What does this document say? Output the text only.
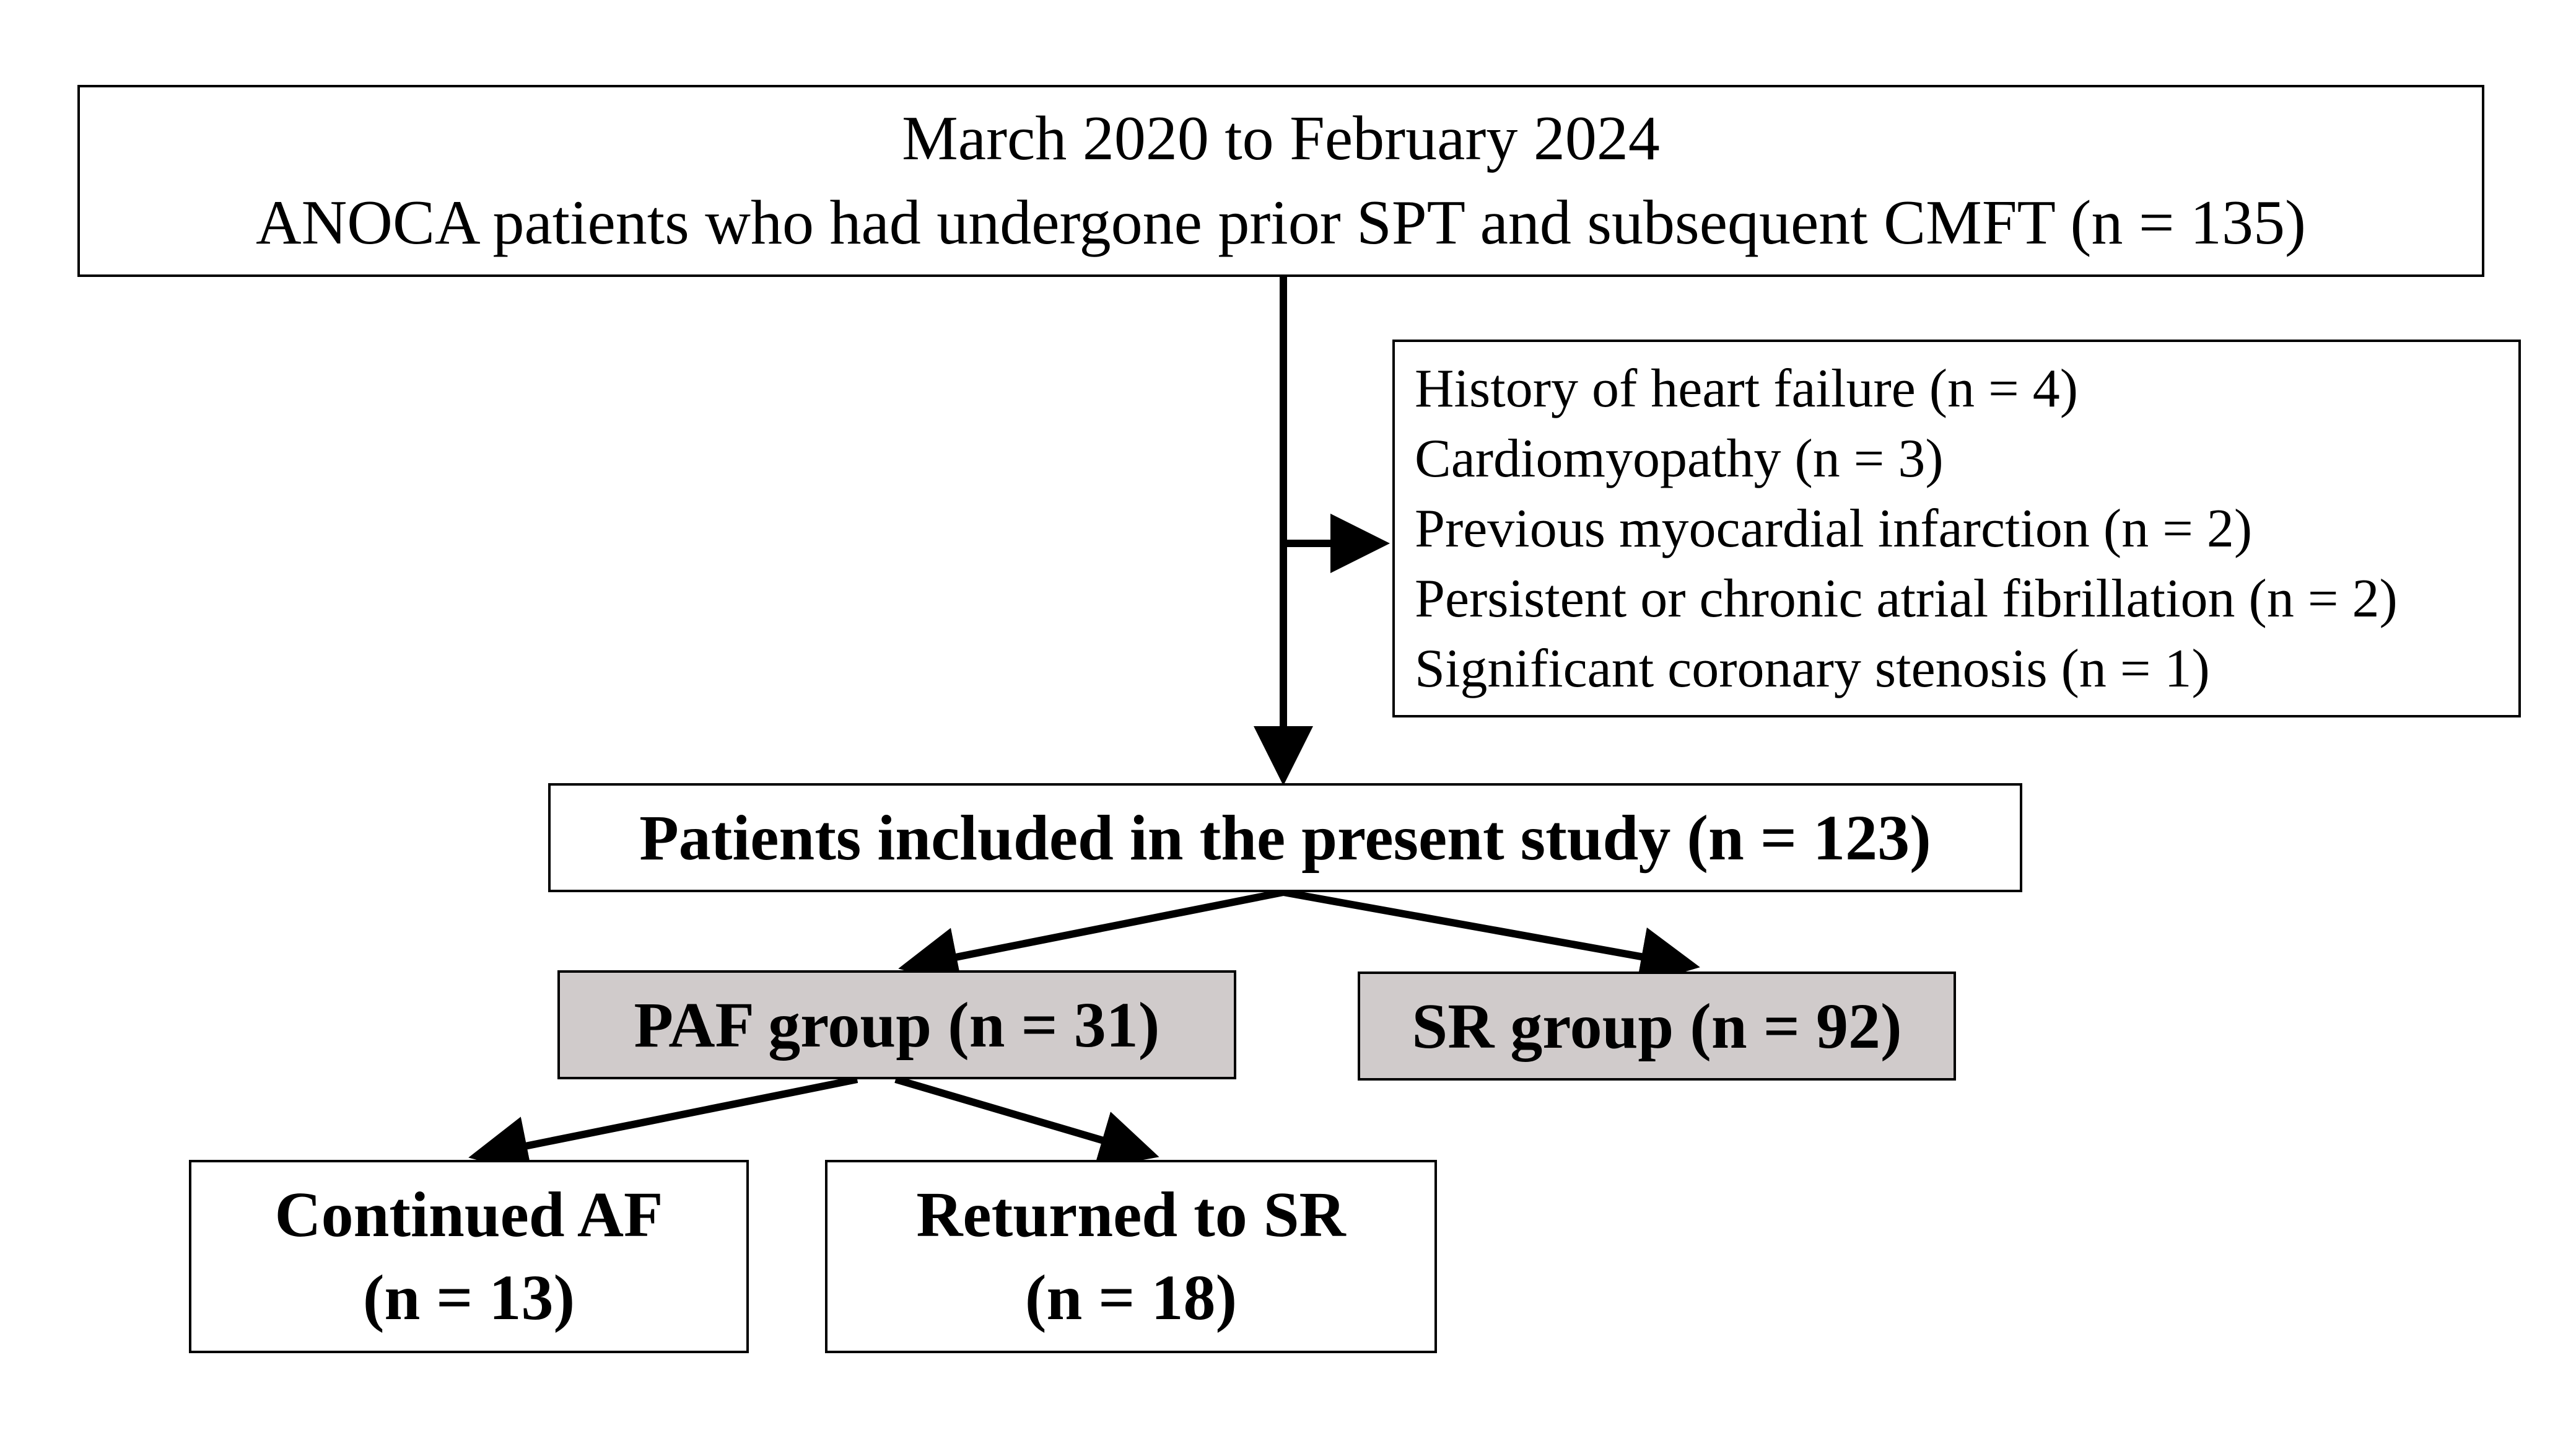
March 2020 to February 2024
ANOCA patients who had undergone prior SPT and subsequent CMFT (n = 135)
History of heart failure (n = 4)
Cardiomyopathy (n = 3)
Previous myocardial infarction (n = 2)
Persistent or chronic atrial fibrillation (n = 2)
Significant coronary stenosis (n = 1)
Patients included in the present study (n = 123)
PAF group (n = 31)	SR group (n = 92)
Continued AF
(n = 13)
Returned to SR
(n = 18)
